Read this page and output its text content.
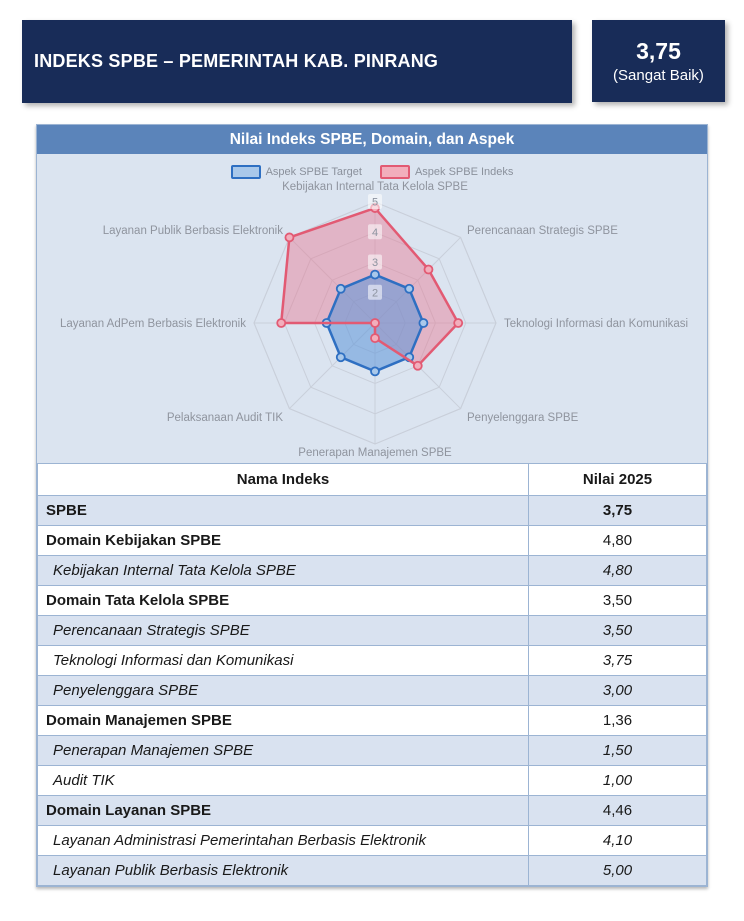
INDEKS SPBE – PEMERINTAH KAB. PINRANG	3,75
(Sangat Baik)
Nilai Indeks SPBE, Domain, dan Aspek
Aspek SPBE Target	Aspek SPBE Indeks
2
3
4
5
Kebijakan Internal Tata Kelola SPBE
Perencanaan Strategis SPBE
Teknologi Informasi dan Komunikasi
Penyelenggara SPBE
Penerapan Manajemen SPBE
Pelaksanaan Audit TIK
Layanan AdPem Berbasis Elektronik
Layanan Publik Berbasis Elektronik
Nama Indeks	Nilai 2025
SPBE	3,75
Domain Kebijakan SPBE	4,80
Kebijakan Internal Tata Kelola SPBE	4,80
Domain Tata Kelola SPBE	3,50
Perencanaan Strategis SPBE	3,50
Teknologi Informasi dan Komunikasi	3,75
Penyelenggara SPBE	3,00
Domain Manajemen SPBE	1,36
Penerapan Manajemen SPBE	1,50
Audit TIK	1,00
Domain Layanan SPBE	4,46
Layanan Administrasi Pemerintahan Berbasis Elektronik	4,10
Layanan Publik Berbasis Elektronik	5,00
